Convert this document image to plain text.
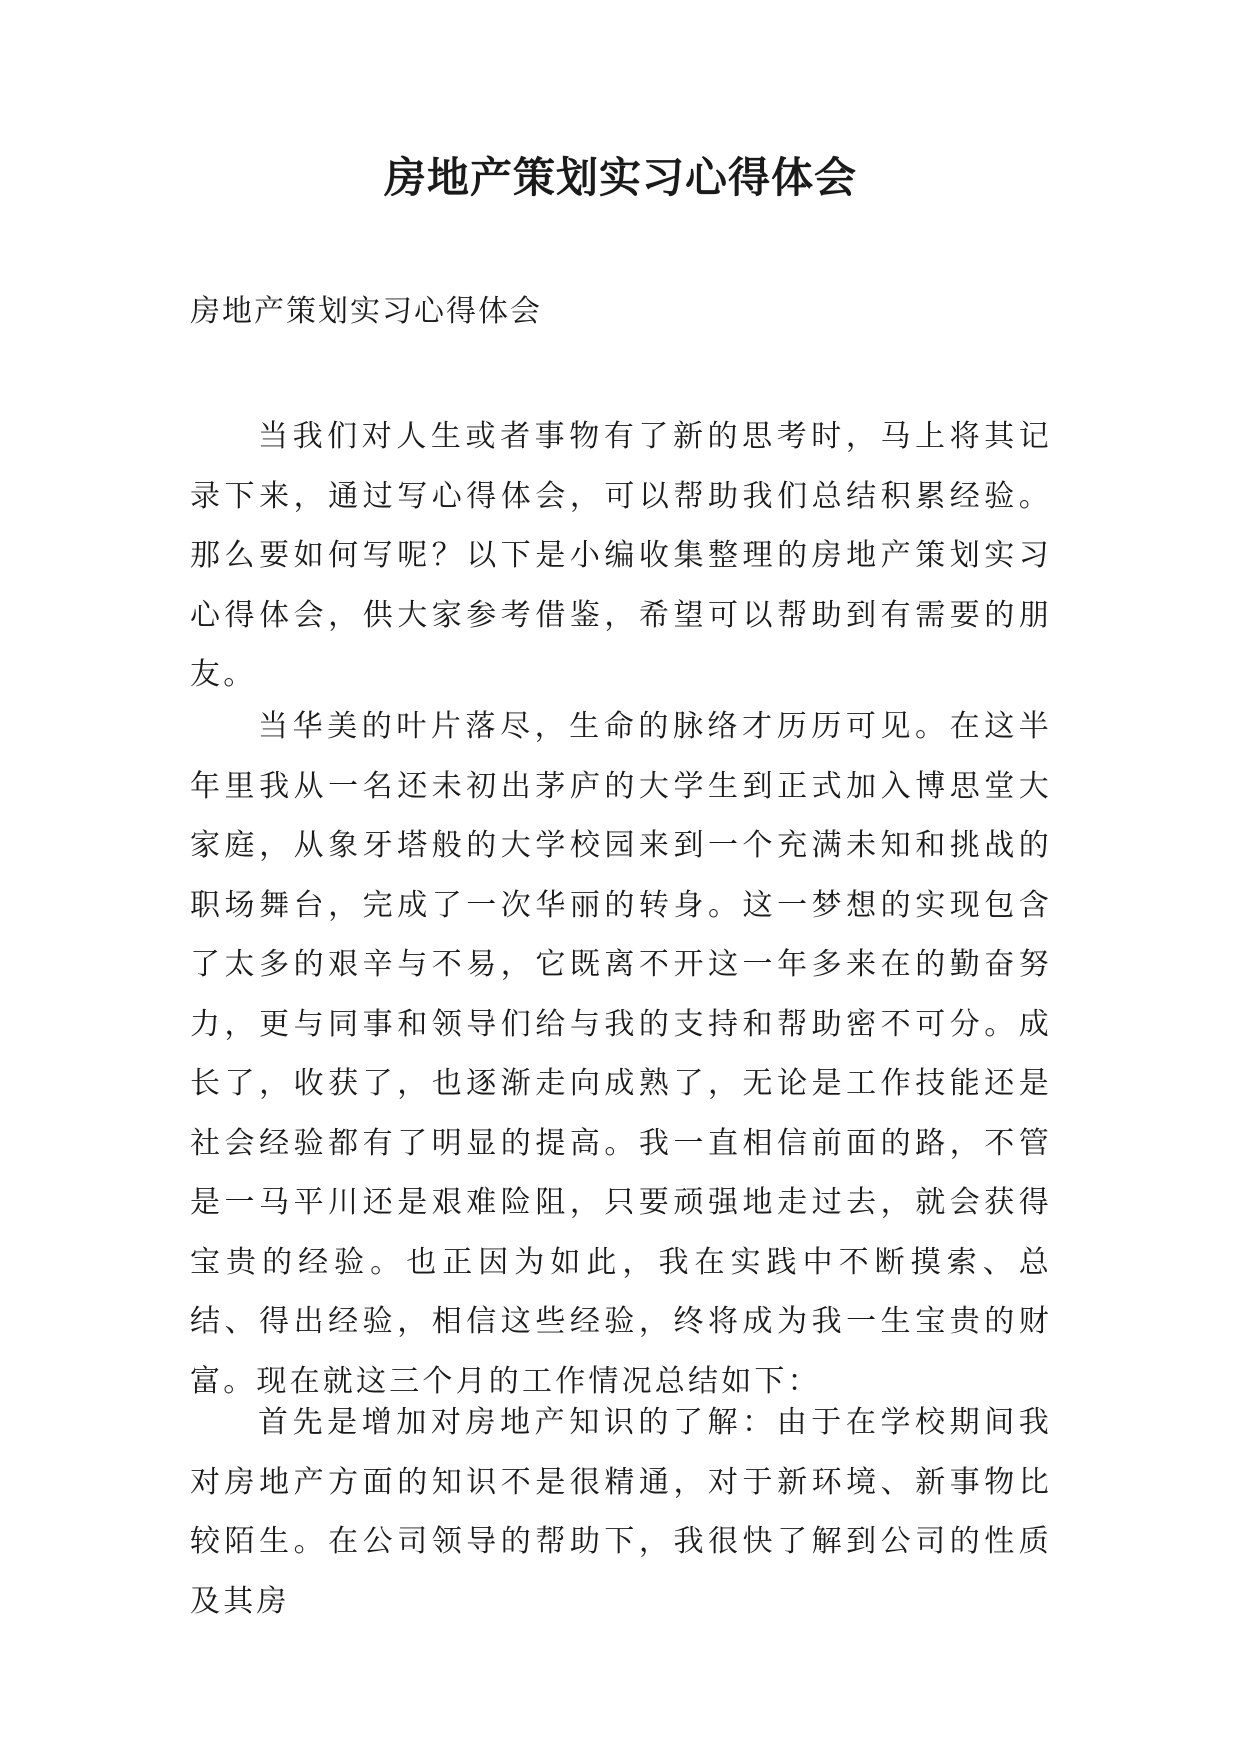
房地产策划实习心得体会

房地产策划实习心得体会

当我们对人生或者事物有了新的思考时，马上将其记录下来，通过写心得体会，可以帮助我们总结积累经验。那么要如何写呢？以下是小编收集整理的房地产策划实习心得体会，供大家参考借鉴，希望可以帮助到有需要的朋友。

当华美的叶片落尽，生命的脉络才历历可见。在这半年里我从一名还未初出茅庐的大学生到正式加入博思堂大家庭，从象牙塔般的大学校园来到一个充满未知和挑战的职场舞台，完成了一次华丽的转身。这一梦想的实现包含了太多的艰辛与不易，它既离不开这一年多来在的勤奋努力，更与同事和领导们给与我的支持和帮助密不可分。成长了，收获了，也逐渐走向成熟了，无论是工作技能还是社会经验都有了明显的提高。我一直相信前面的路，不管是一马平川还是艰难险阻，只要顽强地走过去，就会获得宝贵的经验。也正因为如此，我在实践中不断摸索、总结、得出经验，相信这些经验，终将成为我一生宝贵的财富。现在就这三个月的工作情况总结如下：

首先是增加对房地产知识的了解：由于在学校期间我对房地产方面的知识不是很精通，对于新环境、新事物比较陌生。在公司领导的帮助下，我很快了解到公司的性质及其房
